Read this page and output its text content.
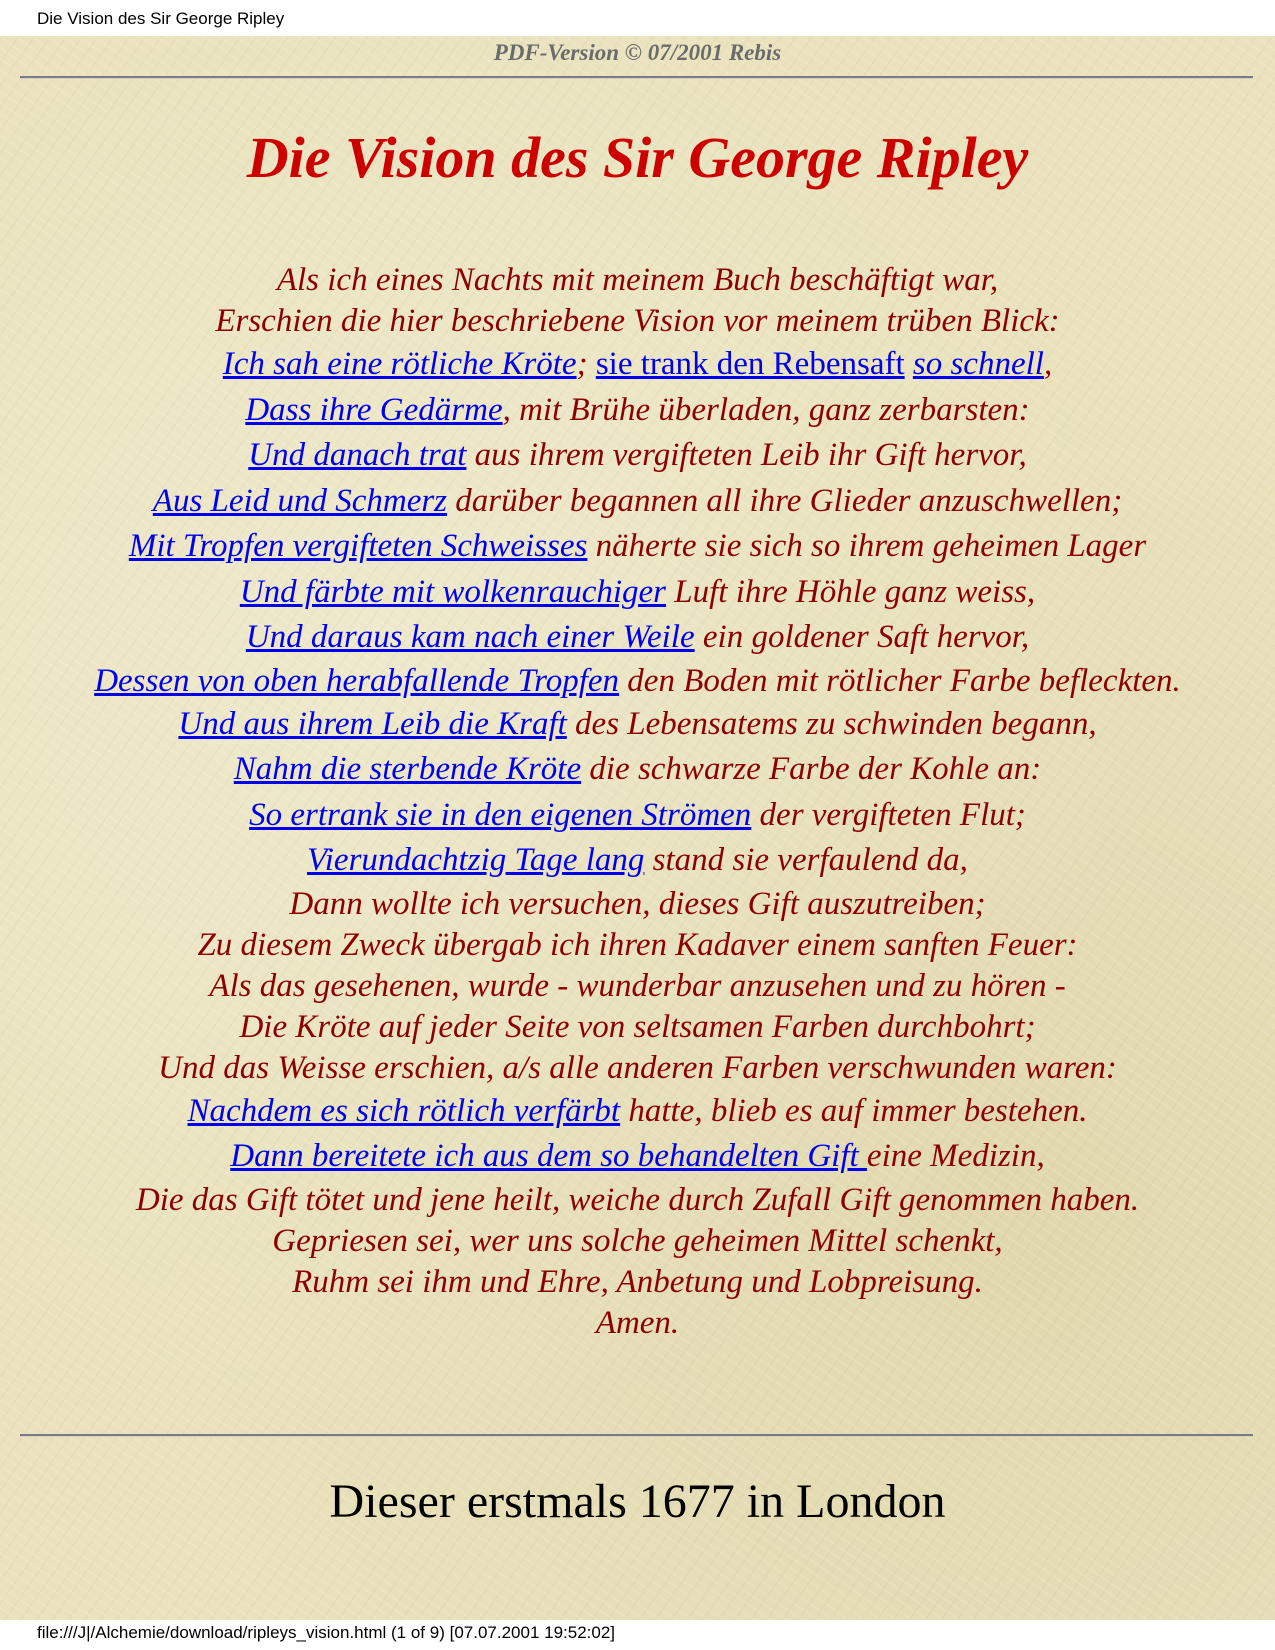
Die Vision des Sir George Ripley
PDF-Version © 07/2001 Rebis
Die Vision des Sir George Ripley
Als ich eines Nachts mit meinem Buch beschäftigt war,
Erschien die hier beschriebene Vision vor meinem trüben Blick:
Ich sah eine rötliche Kröte; sie trank den Rebensaft so schnell,
Dass ihre Gedärme, mit Brühe überladen, ganz zerbarsten:
Und danach trat aus ihrem vergifteten Leib ihr Gift hervor,
Aus Leid und Schmerz darüber begannen all ihre Glieder anzuschwellen;
Mit Tropfen vergifteten Schweisses näherte sie sich so ihrem geheimen Lager
Und färbte mit wolkenrauchiger Luft ihre Höhle ganz weiss,
Und daraus kam nach einer Weile ein goldener Saft hervor,
Dessen von oben herabfallende Tropfen den Boden mit rötlicher Farbe befleckten.
Und aus ihrem Leib die Kraft des Lebensatems zu schwinden begann,
Nahm die sterbende Kröte die schwarze Farbe der Kohle an:
So ertrank sie in den eigenen Strömen der vergifteten Flut;
Vierundachtzig Tage lang stand sie verfaulend da,
Dann wollte ich versuchen, dieses Gift auszutreiben;
Zu diesem Zweck übergab ich ihren Kadaver einem sanften Feuer:
Als das gesehenen, wurde - wunderbar anzusehen und zu hören -
Die Kröte auf jeder Seite von seltsamen Farben durchbohrt;
Und das Weisse erschien, a/s alle anderen Farben verschwunden waren:
Nachdem es sich rötlich verfärbt hatte, blieb es auf immer bestehen.
Dann bereitete ich aus dem so behandelten Gift eine Medizin,
Die das Gift tötet und jene heilt, weiche durch Zufall Gift genommen haben.
Gepriesen sei, wer uns solche geheimen Mittel schenkt,
Ruhm sei ihm und Ehre, Anbetung und Lobpreisung.
Amen.
Dieser erstmals 1677 in London
file:///J|/Alchemie/download/ripleys_vision.html (1 of 9) [07.07.2001 19:52:02]
